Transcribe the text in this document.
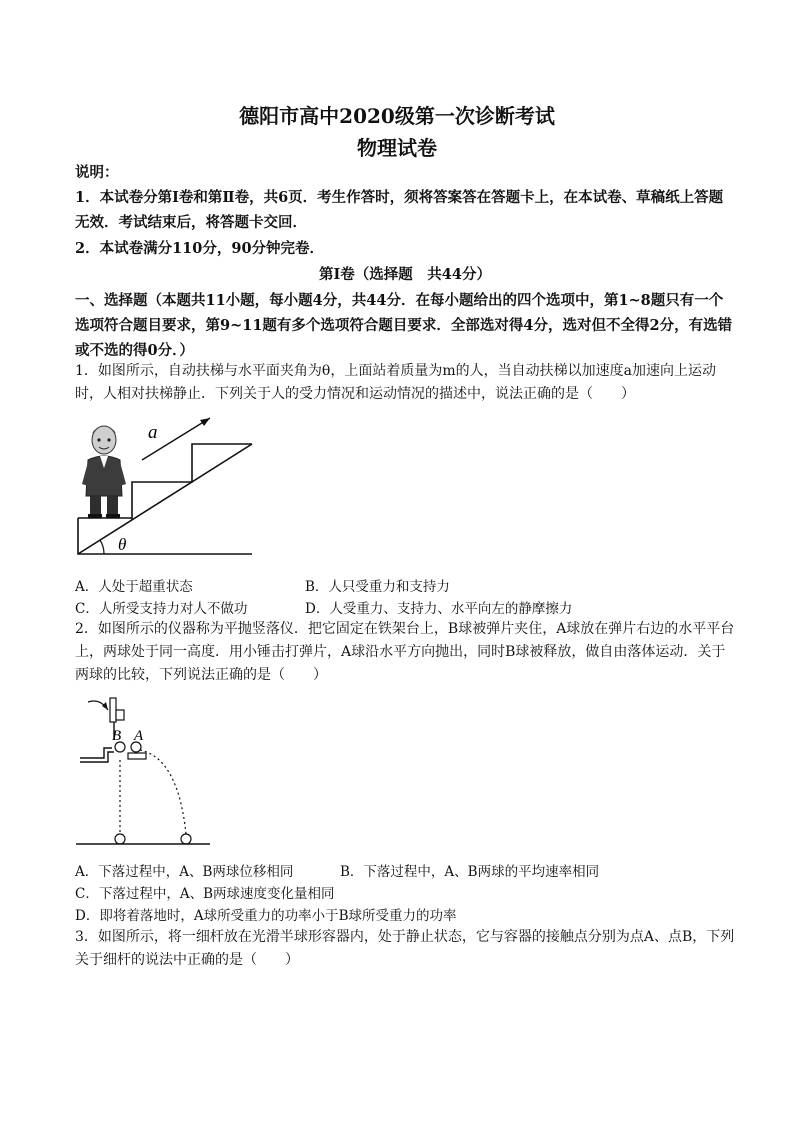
德阳市高中2020级第一次诊断考试
物理试卷
说明：
1．本试卷分第Ⅰ卷和第Ⅱ卷，共6页．考生作答时，须将答案答在答题卡上，在本试卷、草稿纸上答题无效．考试结束后，将答题卡交回．
2．本试卷满分110分，90分钟完卷．
第Ⅰ卷（选择题　共44分）
一、选择题（本题共11小题，每小题4分，共44分．在每小题给出的四个选项中，第1~8题只有一个选项符合题目要求，第9~11题有多个选项符合题目要求．全部选对得4分，选对但不全得2分，有选错或不选的得0分．）
1．如图所示，自动扶梯与水平面夹角为θ，上面站着质量为m的人，当自动扶梯以加速度a加速向上运动时，人相对扶梯静止．下列关于人的受力情况和运动情况的描述中，说法正确的是（　　）
θ
a
A．人处于超重状态	B．人只受重力和支持力
C．人所受支持力对人不做功	D．人受重力、支持力、水平向左的静摩擦力
2．如图所示的仪器称为平抛竖落仪．把它固定在铁架台上，B球被弹片夹住，A球放在弹片右边的水平平台上，两球处于同一高度．用小锤击打弹片，A球沿水平方向抛出，同时B球被释放，做自由落体运动．关于两球的比较，下列说法正确的是（　　）
B A
A．下落过程中，A、B两球位移相同	B．下落过程中，A、B两球的平均速率相同
C．下落过程中，A、B两球速度变化量相同
D．即将着落地时，A球所受重力的功率小于B球所受重力的功率
3．如图所示，将一细杆放在光滑半球形容器内，处于静止状态，它与容器的接触点分别为点A、点B，下列关于细杆的说法中正确的是（　　）
